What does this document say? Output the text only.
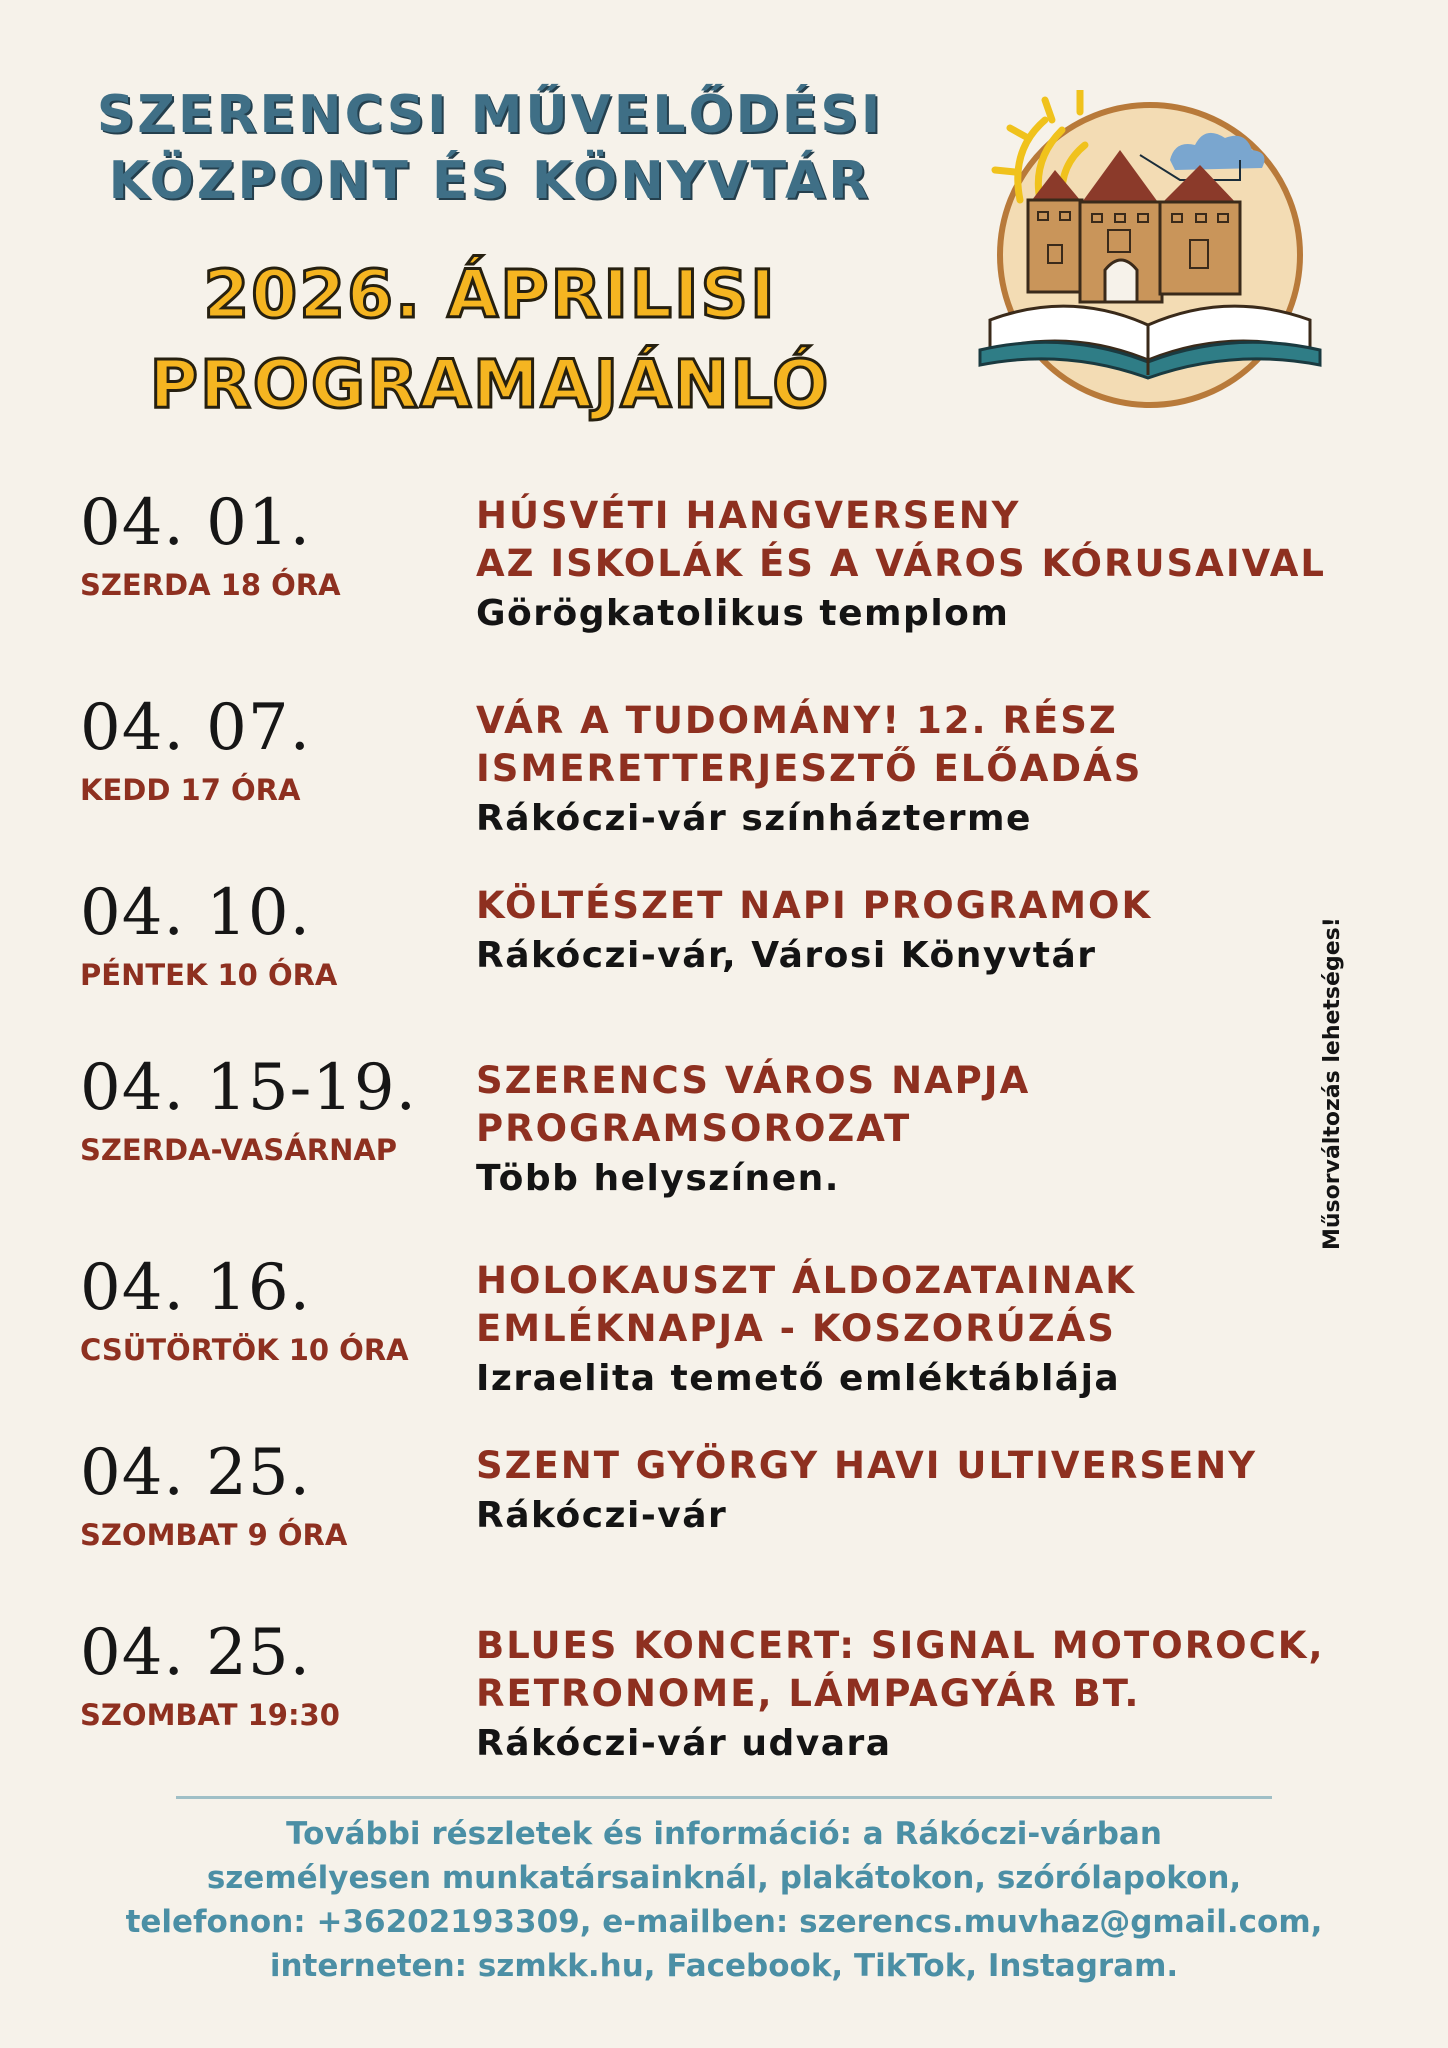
SZERENCSI MŰVELŐDÉSI
KÖZPONT ÉS KÖNYVTÁR
2026. ÁPRILISI
PROGRAMAJÁNLÓ
04. 01.
SZERDA 18 ÓRA
HÚSVÉTI HANGVERSENY
AZ ISKOLÁK ÉS A VÁROS KÓRUSAIVAL
Görögkatolikus templom
04. 07.
KEDD 17 ÓRA
VÁR A TUDOMÁNY! 12. RÉSZ
ISMERETTERJESZTŐ ELŐADÁS
Rákóczi-vár színházterme
04. 10.
PÉNTEK 10 ÓRA
KÖLTÉSZET NAPI PROGRAMOK
Rákóczi-vár, Városi Könyvtár
04. 15-19.
SZERDA-VASÁRNAP
SZERENCS VÁROS NAPJA
PROGRAMSOROZAT
Több helyszínen.
04. 16.
CSÜTÖRTÖK 10 ÓRA
HOLOKAUSZT ÁLDOZATAINAK
EMLÉKNAPJA - KOSZORÚZÁS
Izraelita temető emléktáblája
04. 25.
SZOMBAT 9 ÓRA
SZENT GYÖRGY HAVI ULTIVERSENY
Rákóczi-vár
04. 25.
SZOMBAT 19:30
BLUES KONCERT: SIGNAL MOTOROCK,
RETRONOME, LÁMPAGYÁR BT.
Rákóczi-vár udvara
Műsorváltozás lehetséges!
További részletek és információ: a Rákóczi-várban
személyesen munkatársainknál, plakátokon, szórólapokon,
telefonon: +36202193309, e-mailben: szerencs.muvhaz@gmail.com,
interneten: szmkk.hu, Facebook, TikTok, Instagram.
